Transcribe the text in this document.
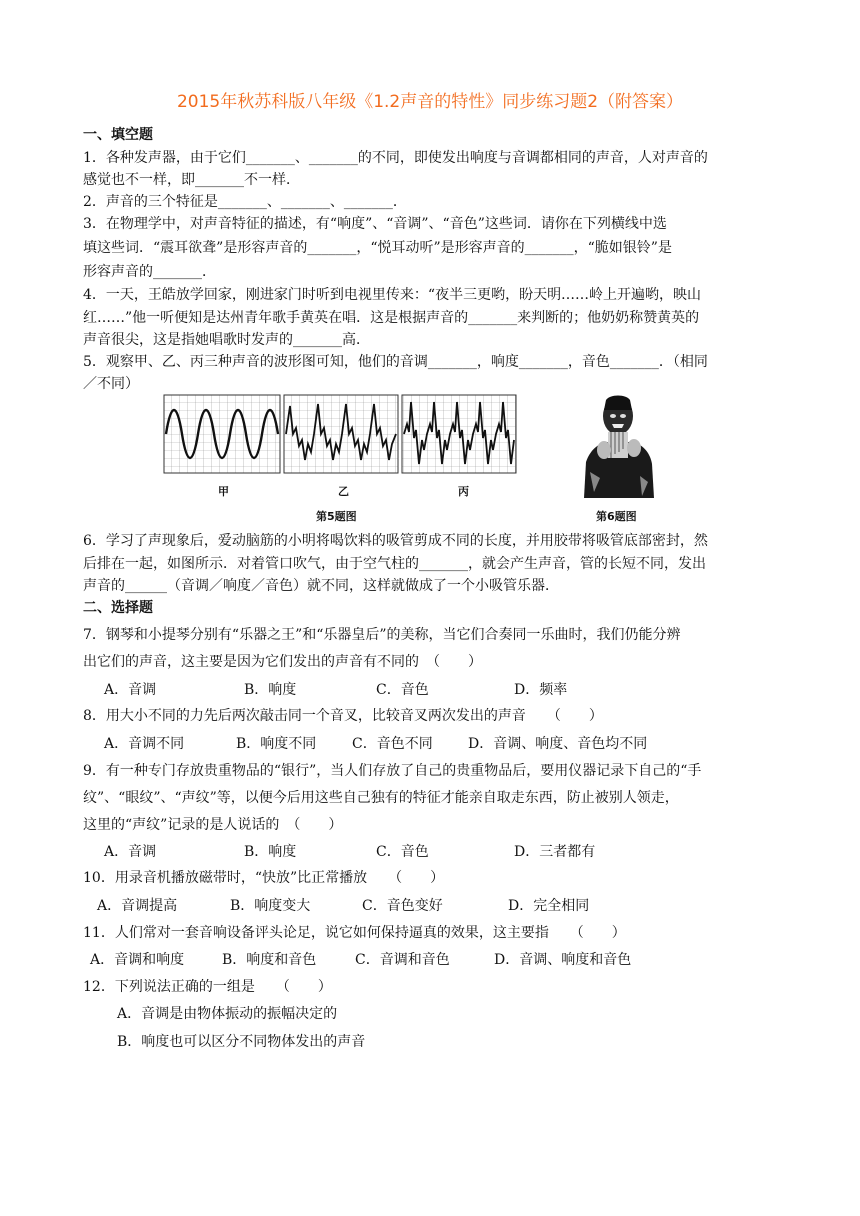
2015年秋苏科版八年级《1.2声音的特性》同步练习题2（附答案）
一、填空题
1．各种发声器，由于它们_______、_______的不同，即使发出响度与音调都相同的声音，人对声音的
感觉也不一样，即_______不一样．
2．声音的三个特征是_______、_______、_______．
3．在物理学中，对声音特征的描述，有“响度”、“音调”、“音色”这些词．请你在下列横线中选
填这些词．“震耳欲聋”是形容声音的_______，“悦耳动听”是形容声音的_______，“脆如银铃”是
形容声音的_______．
4．一天，王皓放学回家，刚进家门时听到电视里传来：“夜半三更哟，盼天明……岭上开遍哟，映山
红……”他一听便知是达州青年歌手黄英在唱．这是根据声音的_______来判断的；他奶奶称赞黄英的
声音很尖，这是指她唱歌时发声的_______高．
5．观察甲、乙、丙三种声音的波形图可知，他们的音调_______，响度_______，音色_______．（相同
／不同）
甲	乙	丙
第5题图	第6题图
6．学习了声现象后，爱动脑筋的小明将喝饮料的吸管剪成不同的长度，并用胶带将吸管底部密封，然
后排在一起，如图所示．对着管口吹气，由于空气柱的_______，就会产生声音，管的长短不同，发出
声音的______（音调／响度／音色）就不同，这样就做成了一个小吸管乐器．
二、选择题
7．钢琴和小提琴分别有“乐器之王”和“乐器皇后”的美称，当它们合奏同一乐曲时，我们仍能分辨
出它们的声音，这主要是因为它们发出的声音有不同的　（　　）
A．音调	B．响度	C．音色	D．频率
8．用大小不同的力先后两次敲击同一个音叉，比较音叉两次发出的声音　　（　　）
A．音调不同	B．响度不同	C．音色不同	D．音调、响度、音色均不同
9．有一种专门存放贵重物品的“银行”，当人们存放了自己的贵重物品后，要用仪器记录下自己的“手
纹”、“眼纹”、“声纹”等，以便今后用这些自己独有的特征才能亲自取走东西，防止被别人领走，
这里的“声纹”记录的是人说话的　（　　）
A．音调	B．响度	C．音色	D．三者都有
10．用录音机播放磁带时，“快放”比正常播放　　（　　）
A．音调提高	B．响度变大	C．音色变好	D．完全相同
11．人们常对一套音响设备评头论足，说它如何保持逼真的效果，这主要指　　（　　）
A．音调和响度	B．响度和音色	C．音调和音色	D．音调、响度和音色
12．下列说法正确的一组是　　（　　）
A．音调是由物体振动的振幅决定的
B．响度也可以区分不同物体发出的声音
